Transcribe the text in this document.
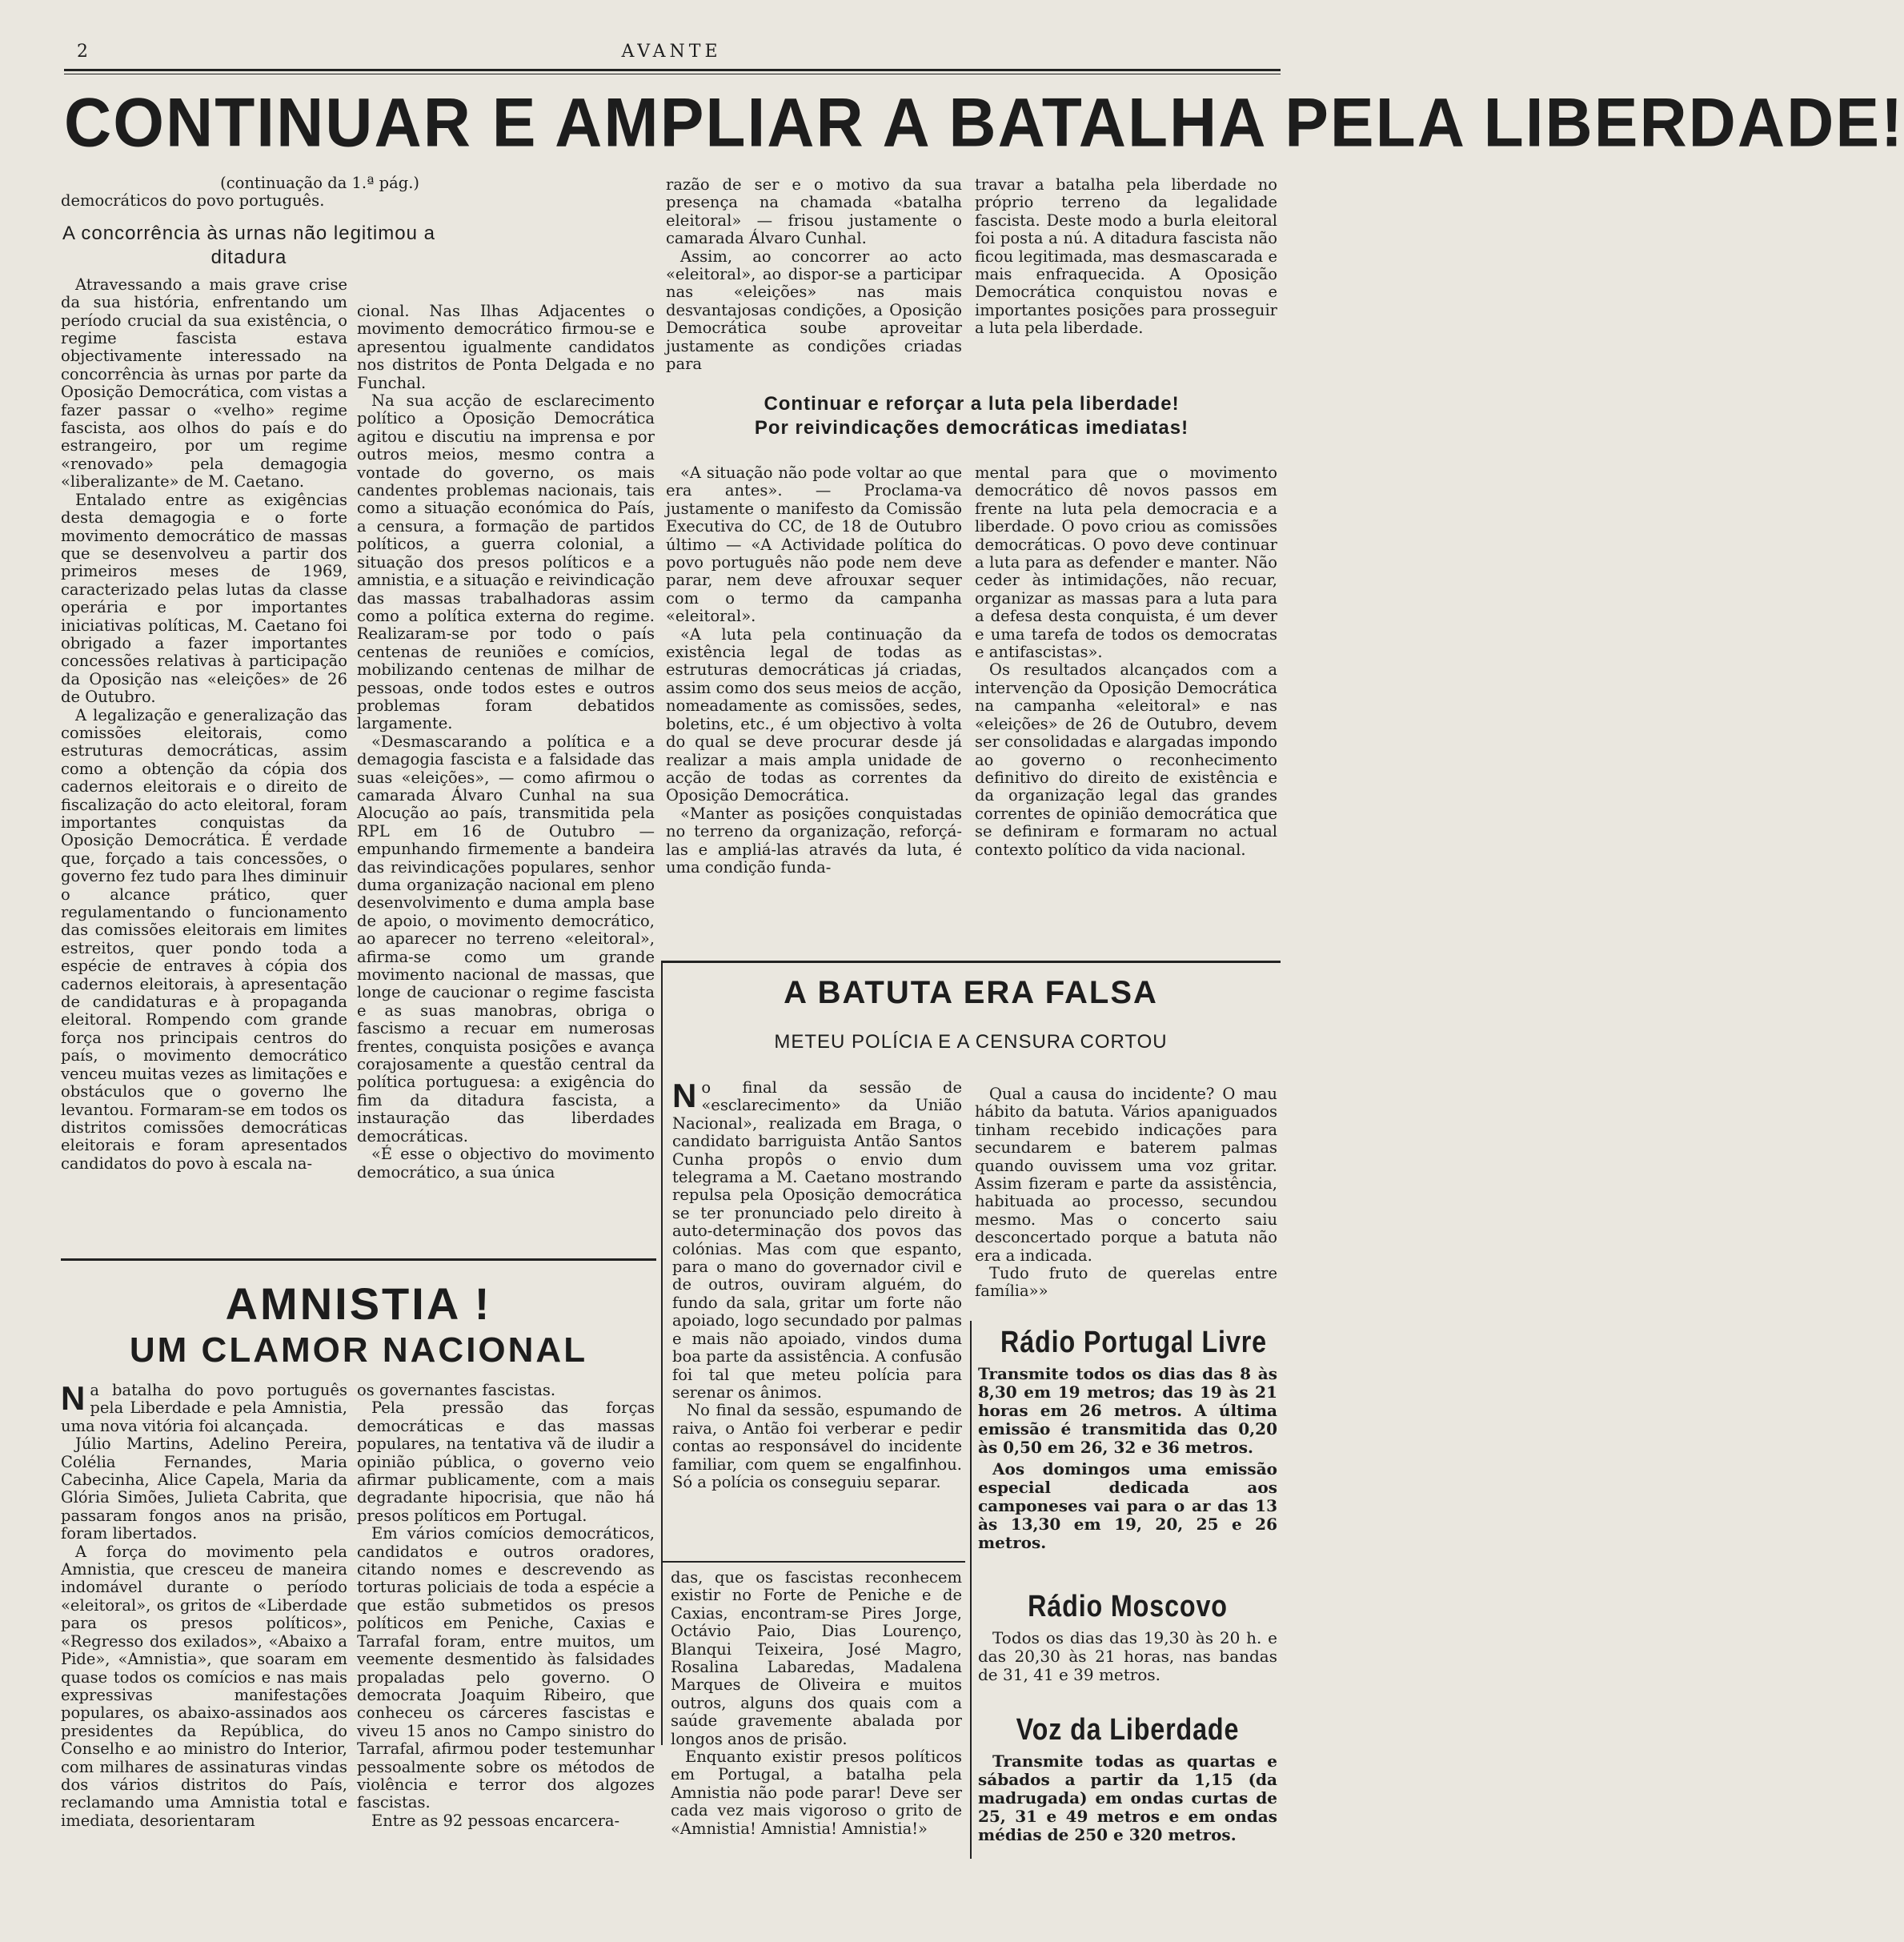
2	AVANTE
CONTINUAR E AMPLIAR A BATALHA PELA LIBERDADE!
(continuação da 1.ª pág.)

democráticos do povo português.

A concorrência às urnas não legitimou a ditadura

Atravessando a mais grave crise da sua história, enfrentando um período crucial da sua existência, o regime fascista estava objectivamente interessado na concorrência às urnas por parte da Oposição Democrática, com vistas a fazer passar o «velho» regime fascista, aos olhos do país e do estrangeiro, por um regime «renovado» pela demagogia «liberalizante» de M. Caetano.

Entalado entre as exigências desta demagogia e o forte movimento democrático de massas que se desenvolveu a partir dos primeiros meses de 1969, caracterizado pelas lutas da classe operária e por importantes iniciativas políticas, M. Caetano foi obrigado a fazer importantes concessões relativas à participação da Oposição nas «eleições» de 26 de Outubro.

A legalização e generalização das comissões eleitorais, como estruturas democráticas, assim como a obtenção da cópia dos cadernos eleitorais e o direito de fiscalização do acto eleitoral, foram importantes conquistas da Oposição Democrática. É verdade que, forçado a tais concessões, o governo fez tudo para lhes diminuir o alcance prático, quer regulamentando o funcionamento das comissões eleitorais em limites estreitos, quer pondo toda a espécie de entraves à cópia dos cadernos eleitorais, à apresentação de candidaturas e à propaganda eleitoral. Rompendo com grande força nos principais centros do país, o movimento democrático venceu muitas vezes as limitações e obstáculos que o governo lhe levantou. Formaram-se em todos os distritos comissões democráticas eleitorais e foram apresentados candidatos do povo à escala na-

cional. Nas Ilhas Adjacentes o movimento democrático firmou-se e apresentou igualmente candidatos nos distritos de Ponta Delgada e no Funchal.

Na sua acção de esclarecimento político a Oposição Democrática agitou e discutiu na imprensa e por outros meios, mesmo contra a vontade do governo, os mais candentes problemas nacionais, tais como a situação económica do País, a censura, a formação de partidos políticos, a guerra colonial, a situação dos presos políticos e a amnistia, e a situação e reivindicação das massas trabalhadoras assim como a política externa do regime. Realizaram-se por todo o país centenas de reuniões e comícios, mobilizando centenas de milhar de pessoas, onde todos estes e outros problemas foram debatidos largamente.

«Desmascarando a política e a demagogia fascista e a falsidade das suas «eleições», — como afirmou o camarada Álvaro Cunhal na sua Alocução ao país, transmitida pela RPL em 16 de Outubro — empunhando firmemente a bandeira das reivindicações populares, senhor duma organização nacional em pleno desenvolvimento e duma ampla base de apoio, o movimento democrático, ao aparecer no terreno «eleitoral», afirma-se como um grande movimento nacional de massas, que longe de caucionar o regime fascista e as suas manobras, obriga o fascismo a recuar em numerosas frentes, conquista posições e avança corajosamente a questão central da política portuguesa: a exigência do fim da ditadura fascista, a instauração das liberdades democráticas.

«É esse o objectivo do movimento democrático, a sua única

razão de ser e o motivo da sua presença na chamada «batalha eleitoral» — frisou justamente o camarada Álvaro Cunhal.

Assim, ao concorrer ao acto «eleitoral», ao dispor-se a participar nas «eleições» nas mais desvantajosas condições, a Oposição Democrática soube aproveitar justamente as condições criadas para

travar a batalha pela liberdade no próprio terreno da legalidade fascista. Deste modo a burla eleitoral foi posta a nú. A ditadura fascista não ficou legitimada, mas desmascarada e mais enfraquecida. A Oposição Democrática conquistou novas e importantes posições para prosseguir a luta pela liberdade.

Continuar e reforçar a luta pela liberdade!
Por reivindicações democráticas imediatas!

«A situação não pode voltar ao que era antes». — Proclama-va justamente o manifesto da Comissão Executiva do CC, de 18 de Outubro último — «A Actividade política do povo português não pode nem deve parar, nem deve afrouxar sequer com o termo da campanha «eleitoral».

«A luta pela continuação da existência legal de todas as estruturas democráticas já criadas, assim como dos seus meios de acção, nomeadamente as comissões, sedes, boletins, etc., é um objectivo à volta do qual se deve procurar desde já realizar a mais ampla unidade de acção de todas as correntes da Oposição Democrática.

«Manter as posições conquistadas no terreno da organização, reforçá-las e ampliá-las através da luta, é uma condição funda-

mental para que o movimento democrático dê novos passos em frente na luta pela democracia e a liberdade. O povo criou as comissões democráticas. O povo deve continuar a luta para as defender e manter. Não ceder às intimidações, não recuar, organizar as massas para a luta para a defesa desta conquista, é um dever e uma tarefa de todos os democratas e antifascistas».

Os resultados alcançados com a intervenção da Oposição Democrática na campanha «eleitoral» e nas «eleições» de 26 de Outubro, devem ser consolidadas e alargadas impondo ao governo o reconhecimento definitivo do direito de existência e da organização legal das grandes correntes de opinião democrática que se definiram e formaram no actual contexto político da vida nacional.

A BATUTA ERA FALSA
METEU POLÍCIA E A CENSURA CORTOU

No final da sessão de «esclarecimento» da União Nacional», realizada em Braga, o candidato barriguista Antão Santos Cunha propôs o envio dum telegrama a M. Caetano mostrando repulsa pela Oposição democrática se ter pronunciado pelo direito à auto-determinação dos povos das colónias. Mas com que espanto, para o mano do governador civil e de outros, ouviram alguém, do fundo da sala, gritar um forte não apoiado, logo secundado por palmas e mais não apoiado, vindos duma boa parte da assistência. A confusão foi tal que meteu polícia para serenar os ânimos.

No final da sessão, espumando de raiva, o Antão foi verberar e pedir contas ao responsável do incidente familiar, com quem se engalfinhou. Só a polícia os conseguiu separar.

Qual a causa do incidente? O mau hábito da batuta. Vários apaniguados tinham recebido indicações para secundarem e baterem palmas quando ouvissem uma voz gritar. Assim fizeram e parte da assistência, habituada ao processo, secundou mesmo. Mas o concerto saiu desconcertado porque a batuta não era a indicada.

Tudo fruto de querelas entre família»»

Rádio Portugal Livre
Transmite todos os dias das 8 às 8,30 em 19 metros; das 19 às 21 horas em 26 metros. A última emissão é transmitida das 0,20 às 0,50 em 26, 32 e 36 metros.
Aos domingos uma emissão especial dedicada aos camponeses vai para o ar das 13 às 13,30 em 19, 20, 25 e 26 metros.
Rádio Moscovo
Todos os dias das 19,30 às 20 h. e das 20,30 às 21 horas, nas bandas de 31, 41 e 39 metros.
Voz da Liberdade
Transmite todas as quartas e sábados a partir da 1,15 (da madrugada) em ondas curtas de 25, 31 e 49 metros e em ondas médias de 250 e 320 metros.
AMNISTIA !
UM CLAMOR NACIONAL

Na batalha do povo português pela Liberdade e pela Amnistia, uma nova vitória foi alcançada.

Júlio Martins, Adelino Pereira, Colélia Fernandes, Maria Cabecinha, Alice Capela, Maria da Glória Simões, Julieta Cabrita, que passaram fongos anos na prisão, foram libertados.

A força do movimento pela Amnistia, que cresceu de maneira indomável durante o período «eleitoral», os gritos de «Liberdade para os presos políticos», «Regresso dos exilados», «Abaixo a Pide», «Amnistia», que soaram em quase todos os comícios e nas mais expressivas manifestações populares, os abaixo-assinados aos presidentes da República, do Conselho e ao ministro do Interior, com milhares de assinaturas vindas dos vários distritos do País, reclamando uma Amnistia total e imediata, desorientaram

os governantes fascistas.

Pela pressão das forças democráticas e das massas populares, na tentativa vã de iludir a opinião pública, o governo veio afirmar publicamente, com a mais degradante hipocrisia, que não há presos políticos em Portugal.

Em vários comícios democráticos, candidatos e outros oradores, citando nomes e descrevendo as torturas policiais de toda a espécie a que estão submetidos os presos políticos em Peniche, Caxias e Tarrafal foram, entre muitos, um veemente desmentido às falsidades propaladas pelo governo. O democrata Joaquim Ribeiro, que conheceu os cárceres fascistas e viveu 15 anos no Campo sinistro do Tarrafal, afirmou poder testemunhar pessoalmente sobre os métodos de violência e terror dos algozes fascistas.

Entre as 92 pessoas encarcera-

das, que os fascistas reconhecem existir no Forte de Peniche e de Caxias, encontram-se Pires Jorge, Octávio Paio, Dias Lourenço, Blanqui Teixeira, José Magro, Rosalina Labaredas, Madalena Marques de Oliveira e muitos outros, alguns dos quais com a saúde gravemente abalada por longos anos de prisão.

Enquanto existir presos políticos em Portugal, a batalha pela Amnistia não pode parar! Deve ser cada vez mais vigoroso o grito de «Amnistia! Amnistia! Amnistia!»
